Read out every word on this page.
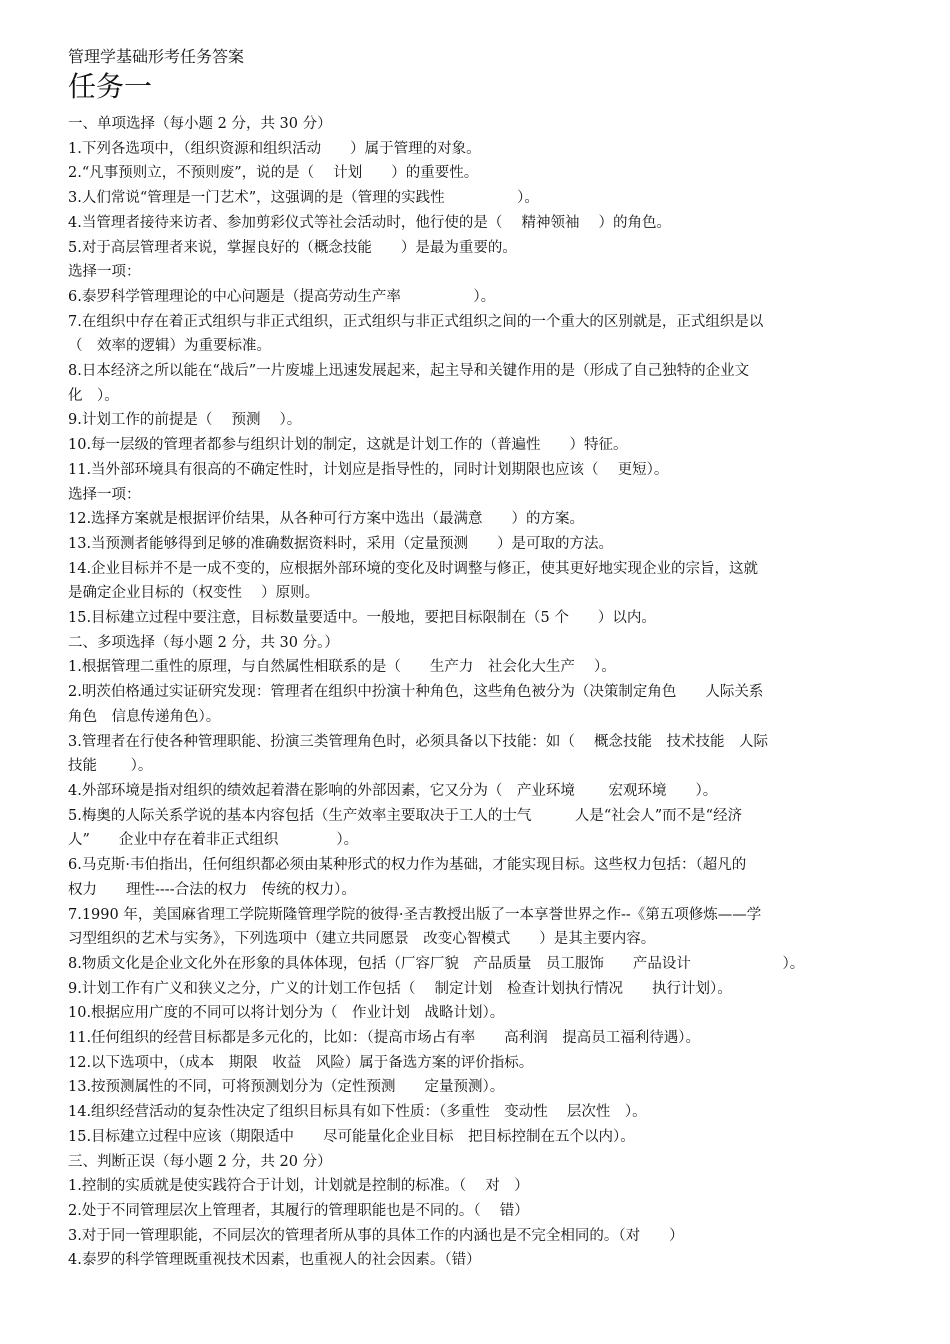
管理学基础形考任务答案

任务一

一、单项选择（每小题 2 分，共 30 分）

1.下列各选项中，（组织资源和组织活动　　）属于管理的对象。

2.“凡事预则立，不预则废”，说的是（　 计划　　）的重要性。

3.人们常说“管理是一门艺术”，这强调的是（管理的实践性　　　　　）。

4.当管理者接待来访者、参加剪彩仪式等社会活动时，他行使的是（　 精神领袖　 ）的角色。

5.对于高层管理者来说，掌握良好的（概念技能　　）是最为重要的。

选择一项：

6.泰罗科学管理理论的中心问题是（提高劳动生产率　　　　　）。

7.在组织中存在着正式组织与非正式组织，正式组织与非正式组织之间的一个重大的区别就是，正式组织是以

（　效率的逻辑）为重要标准。

8.日本经济之所以能在“战后”一片废墟上迅速发展起来，起主导和关键作用的是（形成了自己独特的企业文

化　）。

9.计划工作的前提是（　 预测　 ）。

10.每一层级的管理者都参与组织计划的制定，这就是计划工作的（普遍性　　）特征。

11.当外部环境具有很高的不确定性时，计划应是指导性的，同时计划期限也应该（　 更短）。

选择一项：

12.选择方案就是根据评价结果，从各种可行方案中选出（最满意　　）的方案。

13.当预测者能够得到足够的准确数据资料时，采用（定量预测　　）是可取的方法。

14.企业目标并不是一成不变的，应根据外部环境的变化及时调整与修正，使其更好地实现企业的宗旨，这就

是确定企业目标的（权变性　 ）原则。

15.目标建立过程中要注意，目标数量要适中。一般地，要把目标限制在（5 个　　）以内。

二、多项选择（每小题 2 分，共 30 分。）

1.根据管理二重性的原理，与自然属性相联系的是（　　生产力　社会化大生产　 ）。

2.明茨伯格通过实证研究发现：管理者在组织中扮演十种角色，这些角色被分为（决策制定角色　　人际关系

角色　信息传递角色）。

3.管理者在行使各种管理职能、扮演三类管理角色时，必须具备以下技能：如（　 概念技能　技术技能　人际

技能　　 ）。

4.外部环境是指对组织的绩效起着潜在影响的外部因素，它又分为（　产业环境　　 宏观环境　　）。

5.梅奥的人际关系学说的基本内容包括（生产效率主要取决于工人的士气　　　人是“社会人”而不是“经济

人”　　企业中存在着非正式组织　　　　）。

6.马克斯·韦伯指出，任何组织都必须由某种形式的权力作为基础，才能实现目标。这些权力包括：（超凡的

权力　　理性----合法的权力　传统的权力）。

7.1990 年，美国麻省理工学院斯隆管理学院的彼得·圣吉教授出版了一本享誉世界之作--《第五项修炼——学

习型组织的艺术与实务》，下列选项中（建立共同愿景　改变心智模式　　）是其主要内容。

8.物质文化是企业文化外在形象的具体体现，包括（厂容厂貌　产品质量　员工服饰　　产品设计　　　　　　 ）。

9.计划工作有广义和狭义之分，广义的计划工作包括（　 制定计划　检查计划执行情况　　执行计划）。

10.根据应用广度的不同可以将计划分为（　作业计划　战略计划）。

11.任何组织的经营目标都是多元化的，比如：（提高市场占有率　　高利润　提高员工福利待遇）。

12.以下选项中，（成本　期限　收益　风险）属于备选方案的评价指标。

13.按预测属性的不同，可将预测划分为（定性预测　　定量预测）。

14.组织经营活动的复杂性决定了组织目标具有如下性质：（多重性　变动性　 层次性　）。

15.目标建立过程中应该（期限适中　　尽可能量化企业目标　把目标控制在五个以内）。

三、判断正误（每小题 2 分，共 20 分）

1.控制的实质就是使实践符合于计划，计划就是控制的标准。（　 对　）

2.处于不同管理层次上管理者，其履行的管理职能也是不同的。（　 错）

3.对于同一管理职能，不同层次的管理者所从事的具体工作的内涵也是不完全相同的。（对　　）

4.泰罗的科学管理既重视技术因素，也重视人的社会因素。（错）
